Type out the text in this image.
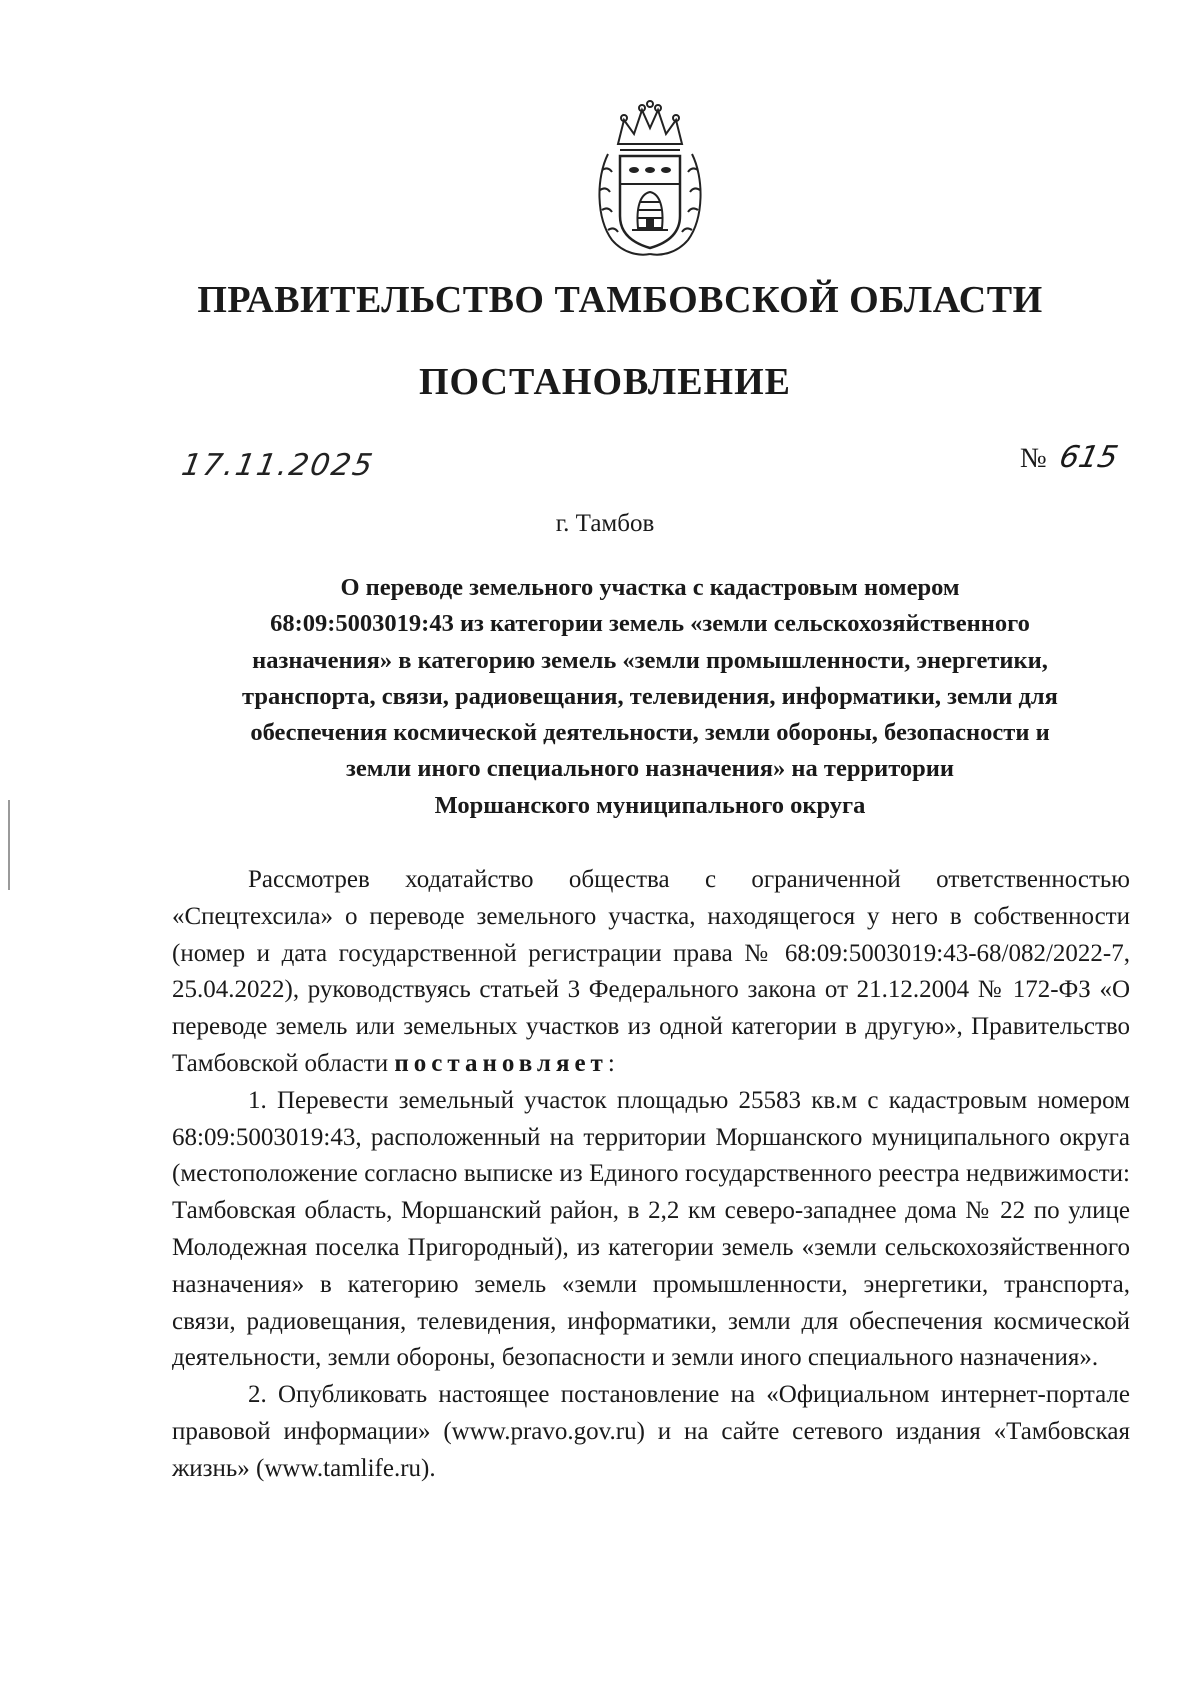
ПРАВИТЕЛЬСТВО ТАМБОВСКОЙ ОБЛАСТИ
ПОСТАНОВЛЕНИЕ
17.11.2025	№ 615
г. Тамбов
О переводе земельного участка с кадастровым номером
68:09:5003019:43 из категории земель «земли сельскохозяйственного
назначения» в категорию земель «земли промышленности, энергетики,
транспорта, связи, радиовещания, телевидения, информатики, земли для
обеспечения космической деятельности, земли обороны, безопасности и
земли иного специального назначения» на территории
Моршанского муниципального округа

Рассмотрев ходатайство общества с ограниченной ответственностью «Спецтехсила» о переводе земельного участка, находящегося у него в собственности (номер и дата государственной регистрации права № 68:09:5003019:43-68/082/2022-7, 25.04.2022), руководствуясь статьей 3 Федерального закона от 21.12.2004 № 172-ФЗ «О переводе земель или земельных участков из одной категории в другую», Правительство Тамбовской области постановляет:

1. Перевести земельный участок площадью 25583 кв.м с кадастровым номером 68:09:5003019:43, расположенный на территории Моршанского муниципального округа (местоположение согласно выписке из Единого государственного реестра недвижимости: Тамбовская область, Моршанский район, в 2,2 км северо-западнее дома № 22 по улице Молодежная поселка Пригородный), из категории земель «земли сельскохозяйственного назначения» в категорию земель «земли промышленности, энергетики, транспорта, связи, радиовещания, телевидения, информатики, земли для обеспечения космической деятельности, земли обороны, безопасности и земли иного специального назначения».

2. Опубликовать настоящее постановление на «Официальном интернет-портале правовой информации» (www.pravo.gov.ru) и на сайте сетевого издания «Тамбовская жизнь» (www.tamlife.ru).
